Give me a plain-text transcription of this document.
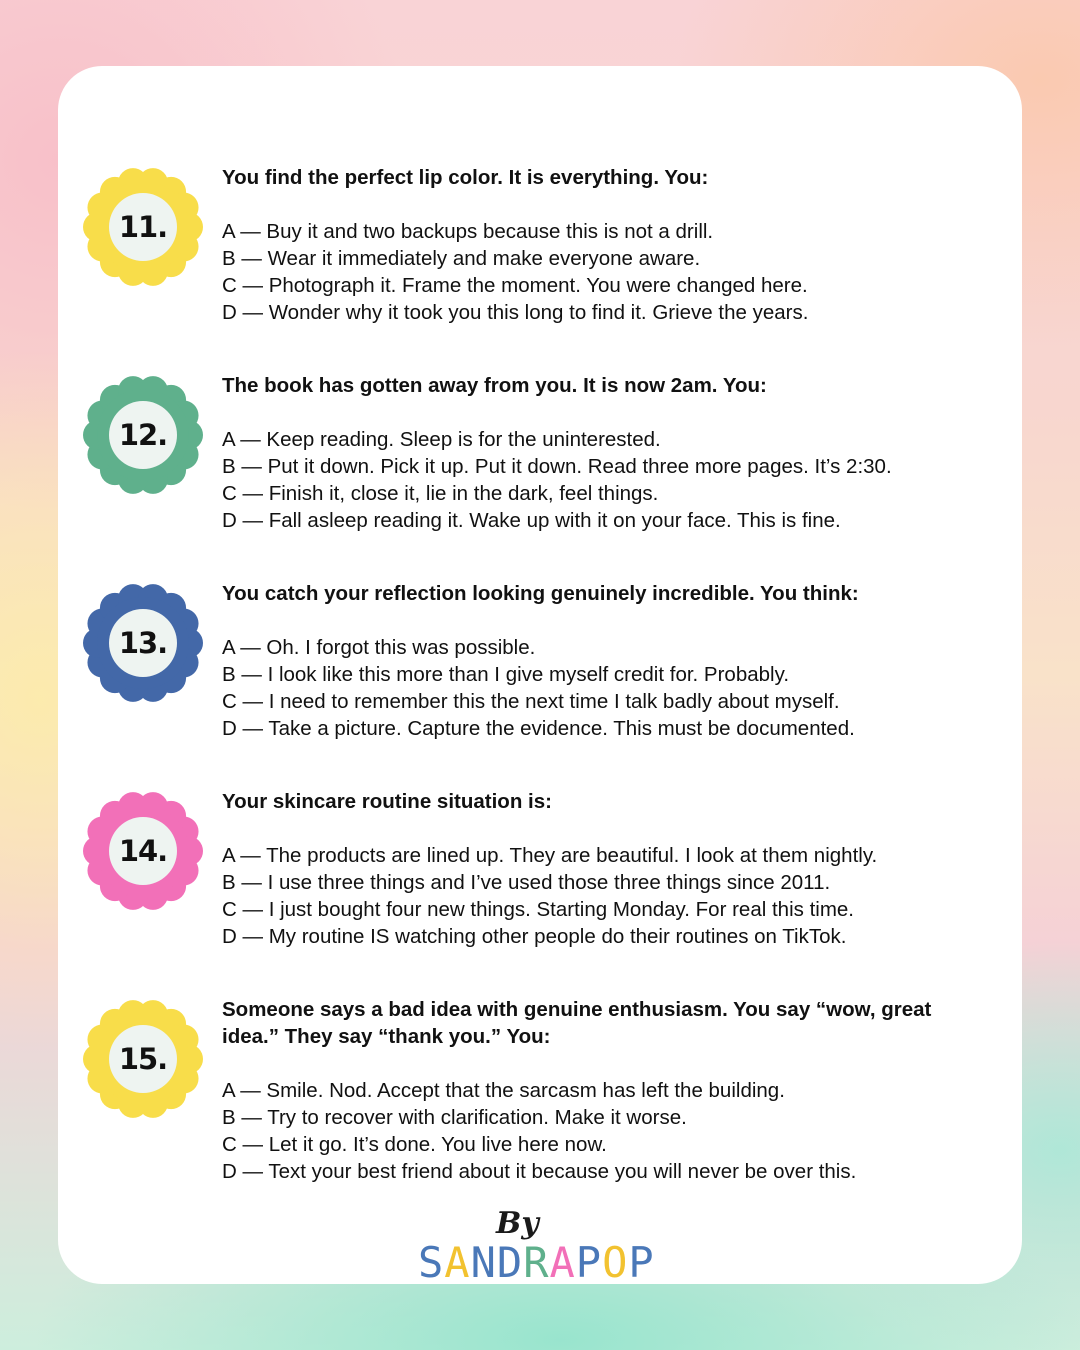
11.

You find the perfect lip color. It is everything. You:

A — Buy it and two backups because this is not a drill.

B — Wear it immediately and make everyone aware.

C — Photograph it. Frame the moment. You were changed here.

D — Wonder why it took you this long to find it. Grieve the years.

12.

The book has gotten away from you. It is now 2am. You:

A — Keep reading. Sleep is for the uninterested.

B — Put it down. Pick it up. Put it down. Read three more pages. It’s 2:30.

C — Finish it, close it, lie in the dark, feel things.

D — Fall asleep reading it. Wake up with it on your face. This is fine.

13.

You catch your reflection looking genuinely incredible. You think:

A — Oh. I forgot this was possible.

B — I look like this more than I give myself credit for. Probably.

C — I need to remember this the next time I talk badly about myself.

D — Take a picture. Capture the evidence. This must be documented.

14.

Your skincare routine situation is:

A — The products are lined up. They are beautiful. I look at them nightly.

B — I use three things and I’ve used those three things since 2011.

C — I just bought four new things. Starting Monday. For real this time.

D — My routine IS watching other people do their routines on TikTok.

15.

Someone says a bad idea with genuine enthusiasm. You say “wow, great
idea.” They say “thank you.” You:

A — Smile. Nod. Accept that the sarcasm has left the building.

B — Try to recover with clarification. Make it worse.

C — Let it go. It’s done. You live here now.

D — Text your best friend about it because you will never be over this.

By
SANDRAPOP
